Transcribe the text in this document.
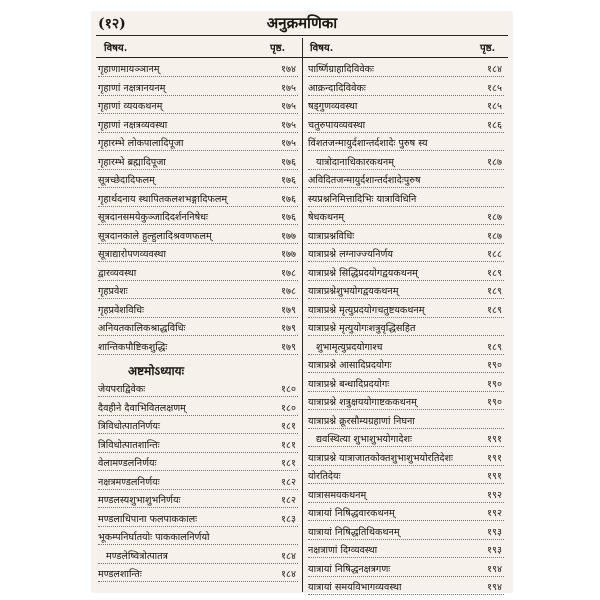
(१२)	अनुक्रमणिका
विषय.	पृष्ठ. विषय.	पृष्ठ.
गृहाणामायञ्ञानम्	१७४
गृहाणां नक्षत्रानयनम्	१७५
गृहाणां व्ययकथनम्	१७५
गृहाणां नक्षत्रव्यवस्था	१७५
गृहारम्भे लोकपालादिपूजा	१७५
गृहारम्भे ब्रह्मादिपूजा	१७६
सूत्रच्छेदादिफलम्	१७६
गृहार्थदनाय स्थापितकलशभङ्गादिफलम्	१७६
सूत्रदानसमयेकुञ्जादिदर्शननिषेधः	१७६
सूत्रदानकाले हुल्हुलादिश्रवणफलम्	१७७
सूत्राद्यारोपणव्यवस्था	१७७
द्वारव्यवस्था	१७८
गृहप्रवेशः	१७८
गृहप्रवेशविधिः	१७९
अनियतकालिकश्राद्धविधिः	१७९
शान्तिकपौष्टिकशुद्धिः	१७९
अष्टमोऽध्यायः
जेयपराद्विवेकः	१८०
दैवहीने दैवाभिवितलक्षणम्	१८०
त्रिविधोत्पातनिर्णयः	१८१
त्रिविधोत्पातशान्तिः	१८१
वेलामण्डलनिर्णयः	१८१
नक्षत्रमण्डलनिर्णयः	१८२
मण्डलस्यशुभाशुभनिर्णयः	१८२
मण्डलाधिपाना फलपाककालः	१८३
भूकम्पनिर्घातयोः पाककालनिर्णयो
मण्डलेष्वित्रोत्पातत्र	१८४
मण्डलशान्तिः	१८४
पार्ष्णिग्राहादिविवेकः	१८४
आक्रन्दादिविवेकः	१८५
षड्गुणव्यवस्था	१८५
चतुरुपायव्यवस्था	१८६
विंशतजन्मायुर्दशान्तर्दशादेः पुरुष स्य
यात्रोदानाधिकारकथनम्	१८७
अविदितजन्मायुर्दशान्तर्दशादेःपुरुष
स्यप्रश्ननिमित्तादिभिः यात्राविधिनि
षेधकथनम्	१८७
यात्राप्रश्नविधिः	१८७
यात्राप्रश्ने लग्नाज्ज्यनिर्णय	१८८
यात्राप्रश्ने सिद्धिप्रदयोगद्वयकथनम्	१८९
यात्राप्रश्नेशुभयोगद्वयकथनम्	१८९
यात्राप्रश्ने मृत्युप्रदयोगचतुष्टयकथनम्	१८९
यात्राप्रश्ने मृत्युयोगःशत्रुवृद्धिसहित
शुभामृत्युप्रदयोगाश्च	१८९
यात्राप्रश्ने आसादिप्रदयोगः	१९०
यात्राप्रश्ने बन्धादिप्रदयोगः	१९०
यात्राप्रश्ने शत्रुक्षययोगाष्टककथनम्	१९०
यात्राप्रश्ने क्रूरसौम्यग्रहाणां निघना
द्यवस्थित्या शुभाशुभयोगादेशः	१९१
यात्राप्रश्ने यात्राजातकोक्तशुभाशुभयोरतिदेशः	१९१
योरतिदेयः	१९१
यात्रासमयकथनम्	१९२
यात्रायां निषिद्धवारकथनम्	१९२
यात्रायां निषिद्धतिथिकथनम्	१९३
नक्षत्राणां दिग्व्यवस्था	१९३
यात्रायां निषिद्धनक्षत्रगणः	१९४
यात्रायां समयविभागव्यवस्था	१९४
